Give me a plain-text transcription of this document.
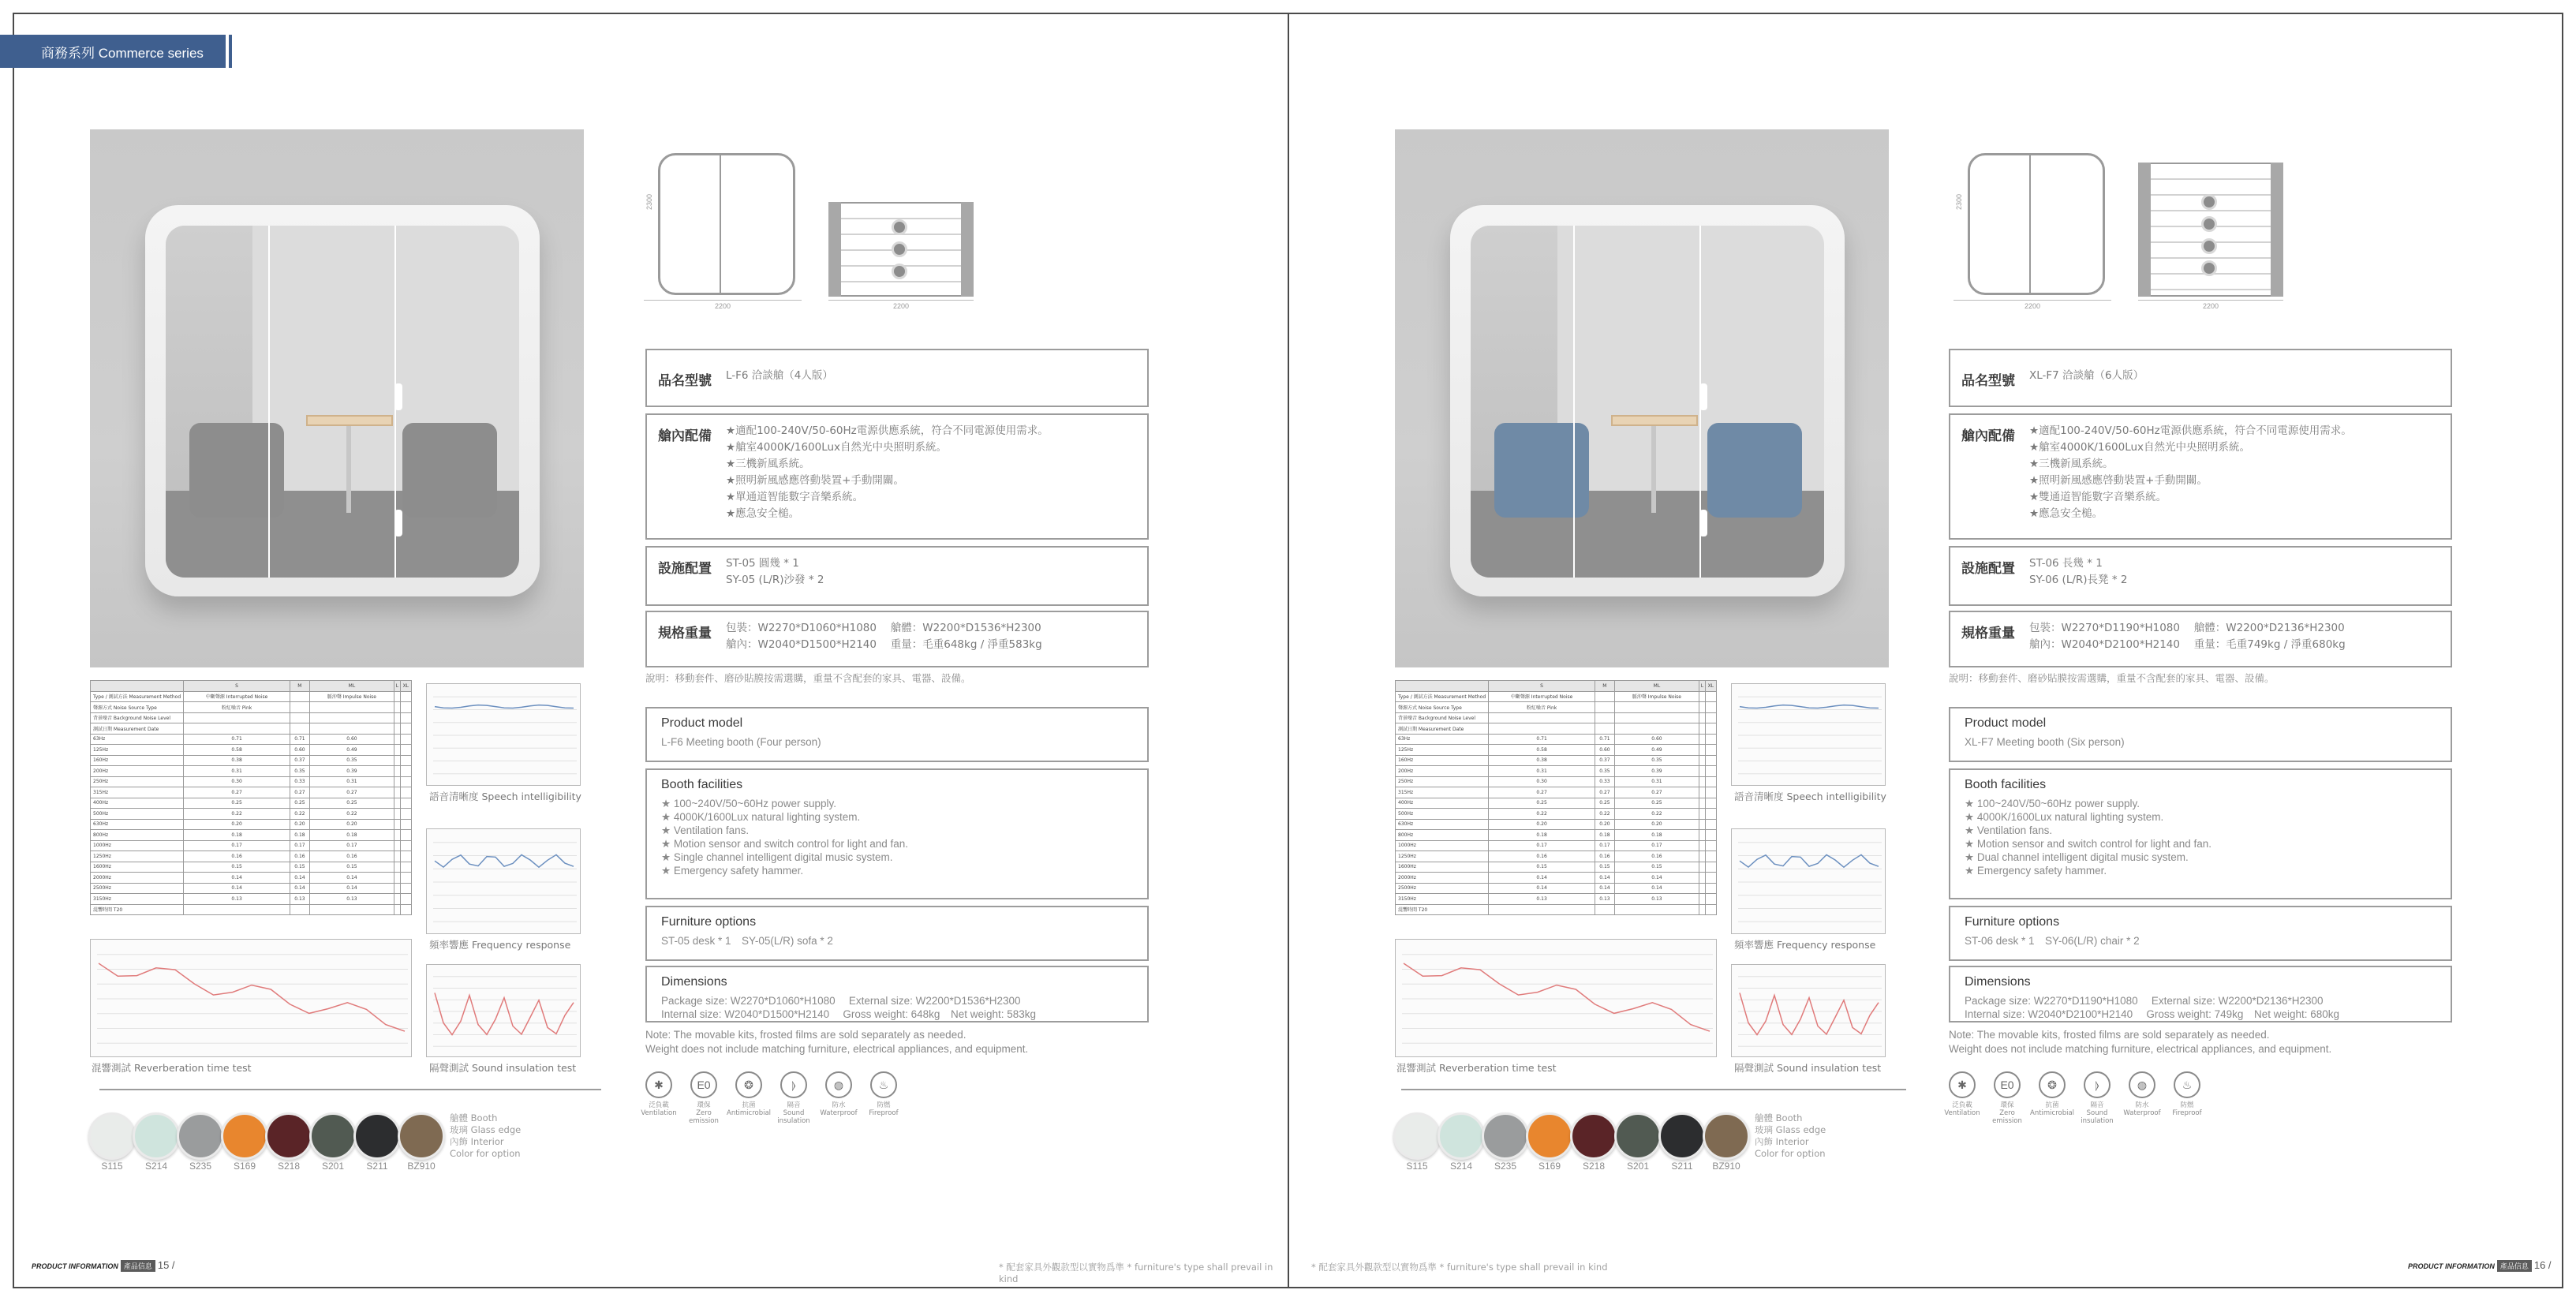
商務系列 Commerce series
2300
2200	2200
品名型號 L-F6 洽談艙（4人版）
艙內配備 ★適配100-240V/50-60Hz電源供應系統，符合不同電源使用需求。
★艙室4000K/1600Lux自然光中央照明系統。
★三機新風系統。
★照明新風感應啓動裝置+手動開關。
★單通道智能數字音樂系統。
★應急安全槌。
設施配置 ST-05 圓幾 * 1
SY-05 (L/R)沙發 * 2
規格重量 包裝：W2270*D1060*H1080　 艙體：W2200*D1536*H2300
艙內：W2040*D1500*H2140　 重量：毛重648kg / 淨重583kg
說明：移動套件、磨砂貼膜按需選購，重量不含配套的家具、電器、設備。
Product model
L-F6 Meeting booth (Four person)
Booth facilities
★ 100~240V/50~60Hz power supply.
★ 4000K/1600Lux natural lighting system.
★ Ventilation fans.
★ Motion sensor and switch control for light and fan.
★ Single channel intelligent digital music system.
★ Emergency safety hammer.
Furniture options
ST-05 desk * 1　SY-05(L/R) sofa * 2
Dimensions
Package size: W2270*D1060*H1080　 External size: W2200*D1536*H2300
Internal size: W2040*D1500*H2140　 Gross weight: 648kg　Net weight: 583kg
Note: The movable kits, frosted films are sold separately as needed.
Weight does not include matching furniture, electrical appliances, and equipment.
	S	M	ML	L	XL
Type / 測試方法 Measurement Method	中斷聲源 Interrupted Noise		脈沖聲 Impulse Noise		
聲源方式 Noise Source Type	粉紅噪音 Pink				
背景噪音 Background Noise Level					
測試日期 Measurement Date					
63Hz	0.71	0.71	0.60		
125Hz	0.58	0.60	0.49		
160Hz	0.38	0.37	0.35		
200Hz	0.31	0.35	0.39		
250Hz	0.30	0.33	0.31		
315Hz	0.27	0.27	0.27		
400Hz	0.25	0.25	0.25		
500Hz	0.22	0.22	0.22		
630Hz	0.20	0.20	0.20		
800Hz	0.18	0.18	0.18		
1000Hz	0.17	0.17	0.17		
1250Hz	0.16	0.16	0.16		
1600Hz	0.15	0.15	0.15		
2000Hz	0.14	0.14	0.14		
2500Hz	0.14	0.14	0.14		
3150Hz	0.13	0.13	0.13		
混響時間 T20					
語音清晰度 Speech intelligibility
頻率響應 Frequency response
混響測試 Reverberation time test	隔聲測試 Sound insulation test
S115	S214	S235	S169	S218	S201	S211	BZ910
艙體 Booth
玻璃 Glass edge
內飾 Interior
Color for option
✱
泛負載
Ventilation
E0
環保
Zero emission
❂
抗菌
Antimicrobial
⦊
隔音
Sound insulation
◍
防水
Waterproof
♨
防燃
Fireproof
PRODUCT INFORMATION 產品信息 15 /	* 配套家具外觀款型以實物爲準 * furniture's type shall prevail in kind
2300
2200	2200
品名型號 XL-F7 洽談艙（6人版）
艙內配備 ★適配100-240V/50-60Hz電源供應系統，符合不同電源使用需求。
★艙室4000K/1600Lux自然光中央照明系統。
★三機新風系統。
★照明新風感應啓動裝置+手動開關。
★雙通道智能數字音樂系統。
★應急安全槌。
設施配置 ST-06 長幾 * 1
SY-06 (L/R)長凳 * 2
規格重量 包裝：W2270*D1190*H1080　 艙體：W2200*D2136*H2300
艙內：W2040*D2100*H2140　 重量：毛重749kg / 淨重680kg
說明：移動套件、磨砂貼膜按需選購，重量不含配套的家具、電器、設備。
Product model
XL-F7 Meeting booth (Six person)
Booth facilities
★ 100~240V/50~60Hz power supply.
★ 4000K/1600Lux natural lighting system.
★ Ventilation fans.
★ Motion sensor and switch control for light and fan.
★ Dual channel intelligent digital music system.
★ Emergency safety hammer.
Furniture options
ST-06 desk * 1　SY-06(L/R) chair * 2
Dimensions
Package size: W2270*D1190*H1080　 External size: W2200*D2136*H2300
Internal size: W2040*D2100*H2140　 Gross weight: 749kg　Net weight: 680kg
Note: The movable kits, frosted films are sold separately as needed.
Weight does not include matching furniture, electrical appliances, and equipment.
	S	M	ML	L	XL
Type / 測試方法 Measurement Method	中斷聲源 Interrupted Noise		脈沖聲 Impulse Noise		
聲源方式 Noise Source Type	粉紅噪音 Pink				
背景噪音 Background Noise Level					
測試日期 Measurement Date					
63Hz	0.71	0.71	0.60		
125Hz	0.58	0.60	0.49		
160Hz	0.38	0.37	0.35		
200Hz	0.31	0.35	0.39		
250Hz	0.30	0.33	0.31		
315Hz	0.27	0.27	0.27		
400Hz	0.25	0.25	0.25		
500Hz	0.22	0.22	0.22		
630Hz	0.20	0.20	0.20		
800Hz	0.18	0.18	0.18		
1000Hz	0.17	0.17	0.17		
1250Hz	0.16	0.16	0.16		
1600Hz	0.15	0.15	0.15		
2000Hz	0.14	0.14	0.14		
2500Hz	0.14	0.14	0.14		
3150Hz	0.13	0.13	0.13		
混響時間 T20					
語音清晰度 Speech intelligibility
頻率響應 Frequency response
混響測試 Reverberation time test	隔聲測試 Sound insulation test
S115	S214	S235	S169	S218	S201	S211	BZ910
艙體 Booth
玻璃 Glass edge
內飾 Interior
Color for option
✱
泛負載
Ventilation
E0
環保
Zero emission
❂
抗菌
Antimicrobial
⦊
隔音
Sound insulation
◍
防水
Waterproof
♨
防燃
Fireproof
PRODUCT INFORMATION 產品信息 16 /
* 配套家具外觀款型以實物爲準 * furniture's type shall prevail in kind
